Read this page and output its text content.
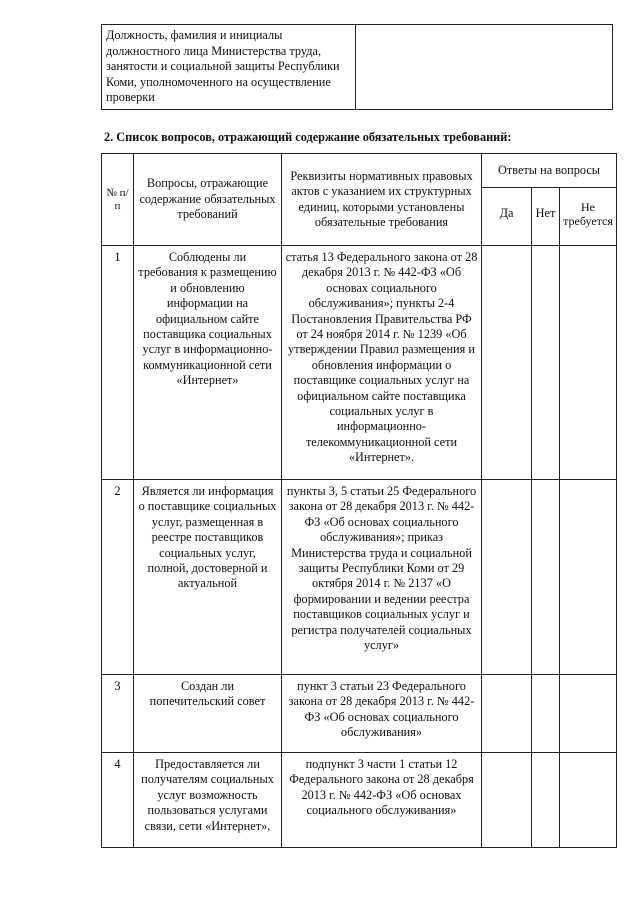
Должность, фамилия и инициалы должностного лица Министерства труда, занятости и социальной защиты Республики Коми, уполномоченного на осуществление проверки	
2. Список вопросов, отражающий содержание обязательных требований:
№ п/п	Вопросы, отражающие содержание обязательных требований	Реквизиты нормативных правовых актов с указанием их структурных единиц, которыми установлены обязательные требования	Ответы на вопросы		
			Да	Нет	Не требуется
1	Соблюдены ли требования к размещению и обновлению информации на официальном сайте поставщика социальных услуг в информационно-коммуникационной сети «Интернет»	статья 13 Федерального закона от 28 декабря 2013 г. № 442-ФЗ «Об основах социального обслуживания»; пункты 2-4 Постановления Правительства РФ от 24 ноября 2014 г. № 1239 «Об утверждении Правил размещения и обновления информации о поставщике социальных услуг на официальном сайте поставщика социальных услуг в информационно-телекоммуникационной сети «Интернет».			
2	Является ли информация о поставщике социальных услуг, размещенная в реестре поставщиков социальных услуг, полной, достоверной и актуальной	пункты 3, 5 статьи 25 Федерального закона от 28 декабря 2013 г. № 442-ФЗ «Об основах социального обслуживания»; приказ Министерства труда и социальной защиты Республики Коми от 29 октября 2014 г. № 2137 «О формировании и ведении реестра поставщиков социальных услуг и регистра получателей социальных услуг»			
3	Создан ли попечительский совет	пункт 3 статьи 23 Федерального закона от 28 декабря 2013 г. № 442-ФЗ «Об основах социального обслуживания»			
4	Предоставляется ли получателям социальных услуг возможность пользоваться услугами связи, сети «Интернет»,	подпункт 3 части 1 статьи 12 Федерального закона от 28 декабря 2013 г. № 442-ФЗ «Об основах социального обслуживания»			
